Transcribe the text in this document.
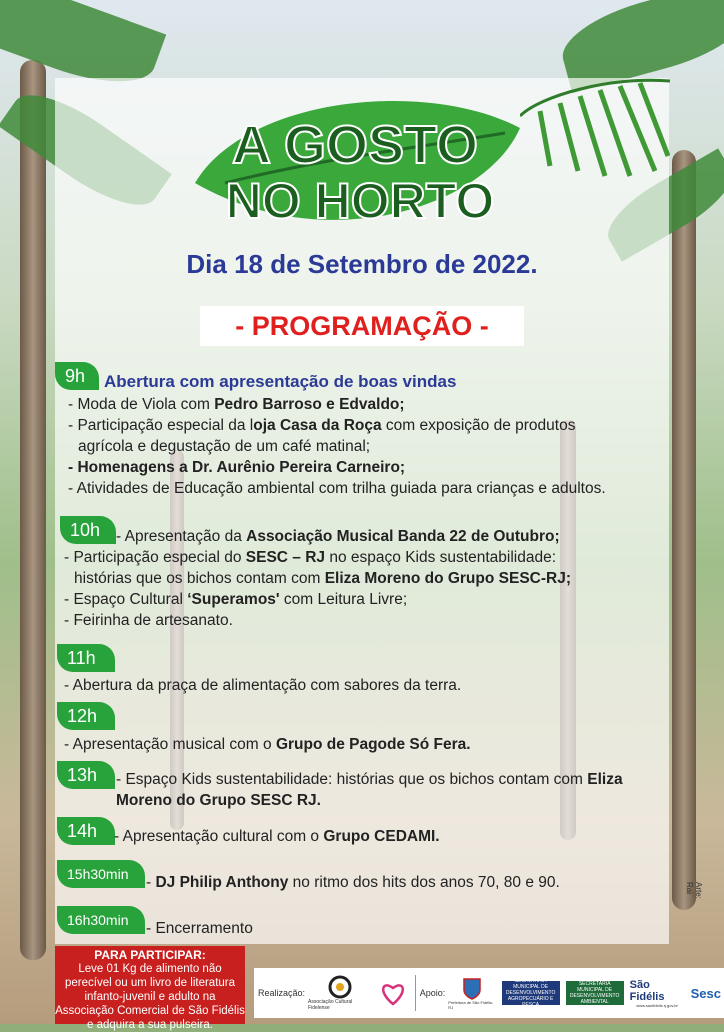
A GOSTO
NO HORTO
Dia 18 de Setembro de 2022.
- PROGRAMAÇÃO -
9h	Abertura com apresentação de boas vindas

- Moda de Viola com Pedro Barroso e Edvaldo;

- Participação especial da loja Casa da Roça com exposição de produtos

agrícola e degustação de um café matinal;

- Homenagens a Dr. Aurênio Pereira Carneiro;

- Atividades de Educação ambiental com trilha guiada para crianças e adultos.

10h	- Apresentação da Associação Musical Banda 22 de Outubro;

- Participação especial do SESC – RJ no espaço Kids sustentabilidade:

histórias que os bichos contam com Eliza Moreno do Grupo SESC-RJ;

- Espaço Cultural ‘Superamos' com Leitura Livre;

- Feirinha de artesanato.

11h

- Abertura da praça de alimentação com sabores da terra.

12h

- Apresentação musical com o Grupo de Pagode Só Fera.

13h	- Espaço Kids sustentabilidade: histórias que os bichos contam com Eliza

Moreno do Grupo SESC RJ.

14h	- Apresentação cultural com o Grupo CEDAMI.

15h30min	- DJ Philip Anthony no ritmo dos hits dos anos 70, 80 e 90.

16h30min	- Encerramento

PARA PARTICIPAR:
Leve 01 Kg de alimento não perecível ou um livro de literatura infanto-juvenil e adulto na Associação Comercial de São Fidélis e adquira a sua pulseira.
Realização:
Associação Cultural Fidelense
Apoio:
Prefeitura de São Fidélis-RJ
SECRETARIA MUNICIPAL DE DESENVOLVIMENTO AGROPECUÁRIO E PESCA
SECRETARIA MUNICIPAL DE DESENVOLVIMENTO AMBIENTAL
São Fidélis
www.saofidelis.rj.gov.br
Sesc
Arte: Rai
